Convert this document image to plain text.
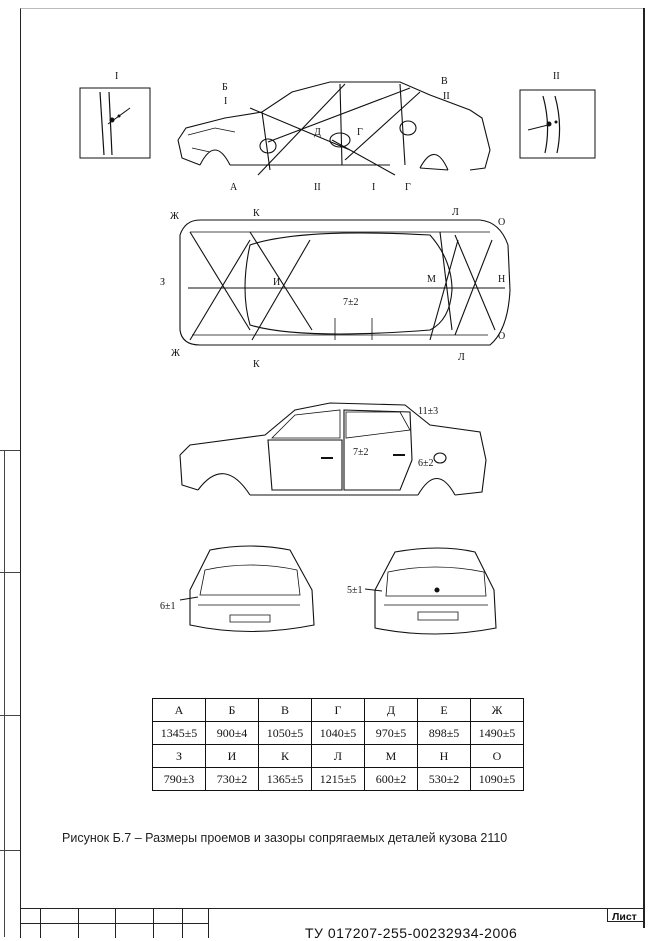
I	II
Б
I
А
Д	Г
В
II
II	I	Г
Ж	К	Л
О
З	И	М	Н
Ж
К
Л
О
7±2
11±3
7±2
6±2
6±1
5±1
А	Б	В	Г	Д	Е	Ж
1345±5	900±4	1050±5	1040±5	970±5	898±5	1490±5
З	И	К	Л	М	Н	О
790±3	730±2	1365±5	1215±5	600±2	530±2	1090±5
Рисунок Б.7 – Размеры проемов и зазоры сопрягаемых деталей кузова 2110
Лист
ТУ 017207-255-00232934-2006
